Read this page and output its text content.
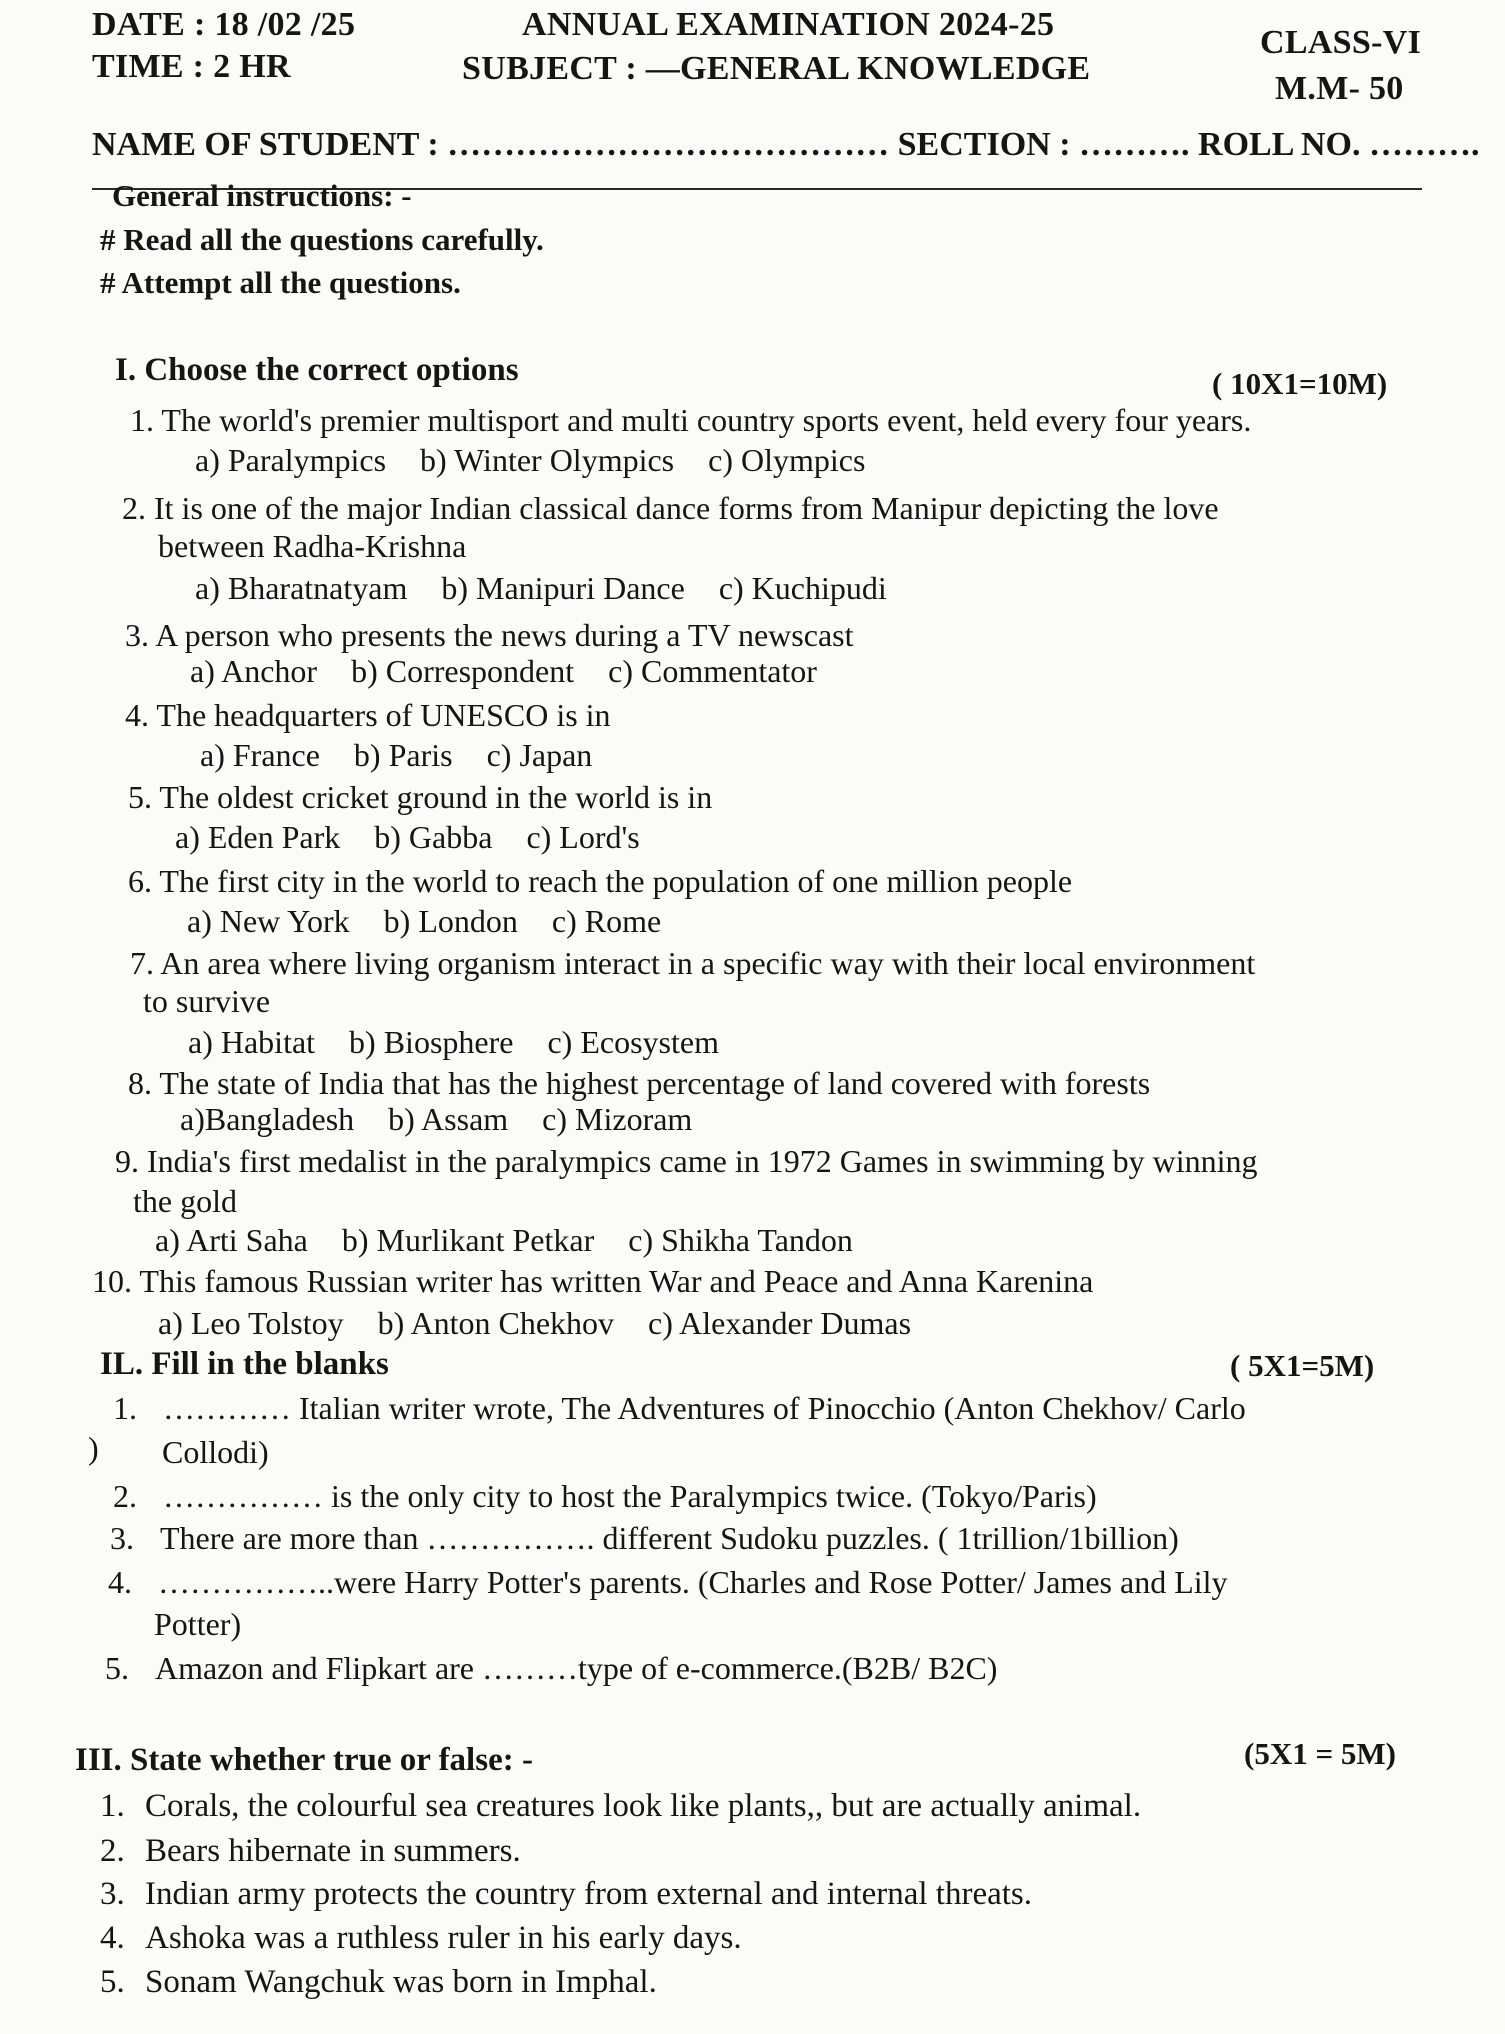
DATE : 18 /02 /25
TIME : 2 HR
ANNUAL EXAMINATION 2024-25
SUBJECT : —GENERAL KNOWLEDGE
CLASS-VI
M.M- 50
NAME OF STUDENT : ………………………………… SECTION : ………. ROLL NO. ……….
General instructions: -
# Read all the questions carefully.
# Attempt all the questions.
I. Choose the correct options	( 10X1=10M)
1. The world's premier multisport and multi country sports event, held every four years.
a) Paralympics b) Winter Olympics c) Olympics
2. It is one of the major Indian classical dance forms from Manipur depicting the love
between Radha-Krishna
a) Bharatnatyam b) Manipuri Dance c) Kuchipudi
3. A person who presents the news during a TV newscast
a) Anchor b) Correspondent c) Commentator
4. The headquarters of UNESCO is in
a) France b) Paris c) Japan
5. The oldest cricket ground in the world is in
a) Eden Park b) Gabba c) Lord's
6. The first city in the world to reach the population of one million people
a) New York b) London c) Rome
7. An area where living organism interact in a specific way with their local environment
to survive
a) Habitat b) Biosphere c) Ecosystem
8. The state of India that has the highest percentage of land covered with forests
a)Bangladesh b) Assam c) Mizoram
9. India's first medalist in the paralympics came in 1972 Games in swimming by winning
the gold
a) Arti Saha b) Murlikant Petkar c) Shikha Tandon
10. This famous Russian writer has written War and Peace and Anna Karenina
a) Leo Tolstoy b) Anton Chekhov c) Alexander Dumas
IL. Fill in the blanks	( 5X1=5M)
1. ………… Italian writer wrote, The Adventures of Pinocchio (Anton Chekhov/ Carlo
) Collodi)
2. …………… is the only city to host the Paralympics twice. (Tokyo/Paris)
3. There are more than ……………. different Sudoku puzzles. ( 1trillion/1billion)
4. ……………..were Harry Potter's parents. (Charles and Rose Potter/ James and Lily
Potter)
5. Amazon and Flipkart are ………type of e-commerce.(B2B/ B2C)
III. State whether true or false: -	(5X1 = 5M)
1. Corals, the colourful sea creatures look like plants,, but are actually animal.
2. Bears hibernate in summers.
3. Indian army protects the country from external and internal threats.
4. Ashoka was a ruthless ruler in his early days.
5. Sonam Wangchuk was born in Imphal.
